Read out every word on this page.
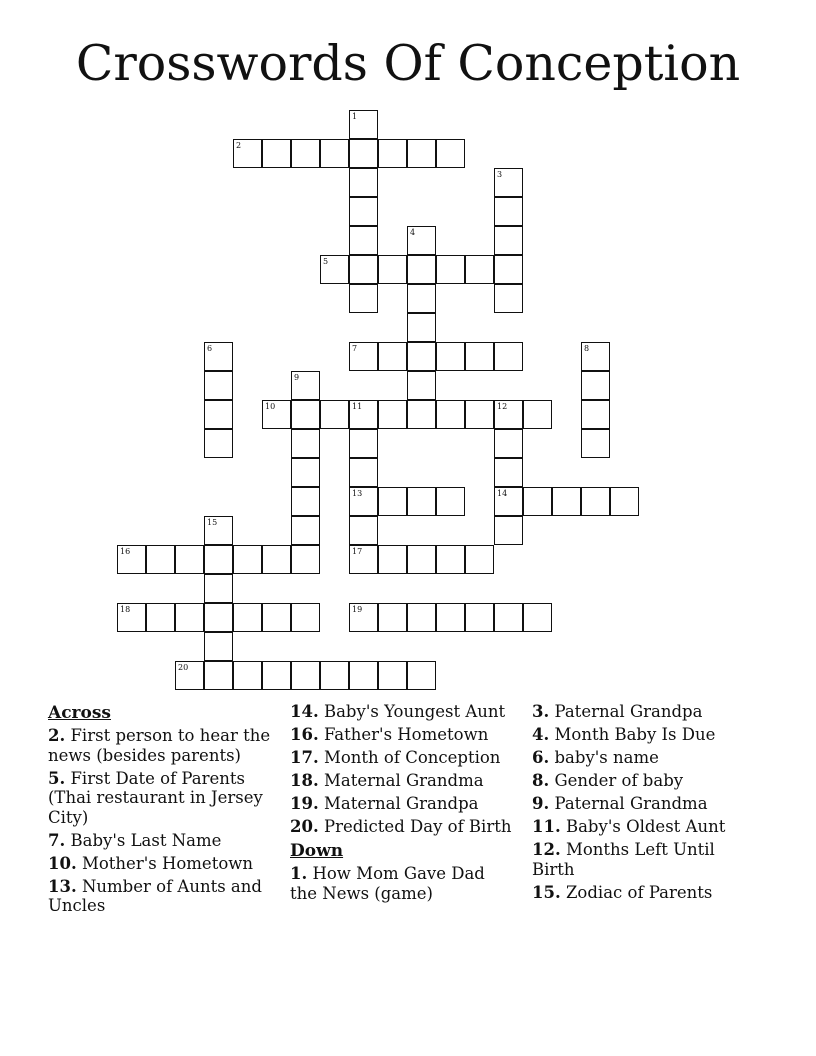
Crosswords Of Conception
1
2
3
4
5
6	7	8
9
10	11	12
13
17
14
15
16
18	19
20
Across
2. First person to hear the news (besides parents)
5. First Date of Parents (Thai restaurant in Jersey City)
7. Baby's Last Name
10. Mother's Hometown
13. Number of Aunts and Uncles
14. Baby's Youngest Aunt
16. Father's Hometown
17. Month of Conception
18. Maternal Grandma
19. Maternal Grandpa
20. Predicted Day of Birth
Down
1. How Mom Gave Dad the News (game)
3. Paternal Grandpa
4. Month Baby Is Due
6. baby's name
8. Gender of baby
9. Paternal Grandma
11. Baby's Oldest Aunt
12. Months Left Until Birth
15. Zodiac of Parents
